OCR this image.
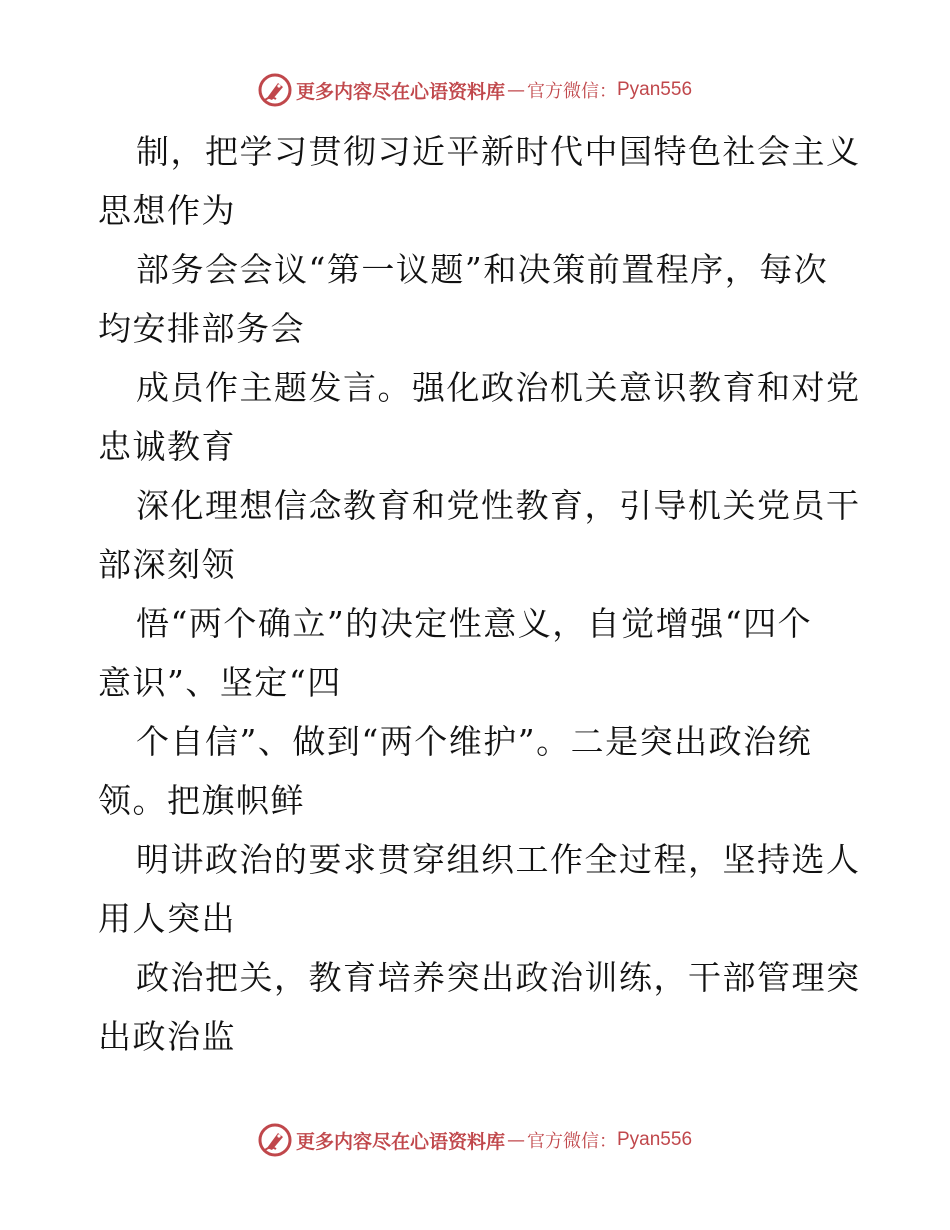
更多内容尽在心语资料库 — 官方微信： Pyan556
制，把学习贯彻习近平新时代中国特色社会主义
思想作为
部务会会议“第一议题”和决策前置程序，每次
均安排部务会
成员作主题发言。强化政治机关意识教育和对党
忠诚教育
深化理想信念教育和党性教育，引导机关党员干
部深刻领
悟“两个确立”的决定性意义，自觉增强“四个
意识”、坚定“四
个自信”、做到“两个维护”。二是突出政治统
领。把旗帜鲜
明讲政治的要求贯穿组织工作全过程，坚持选人
用人突出
政治把关，教育培养突出政治训练，干部管理突
出政治监
更多内容尽在心语资料库 — 官方微信： Pyan556
